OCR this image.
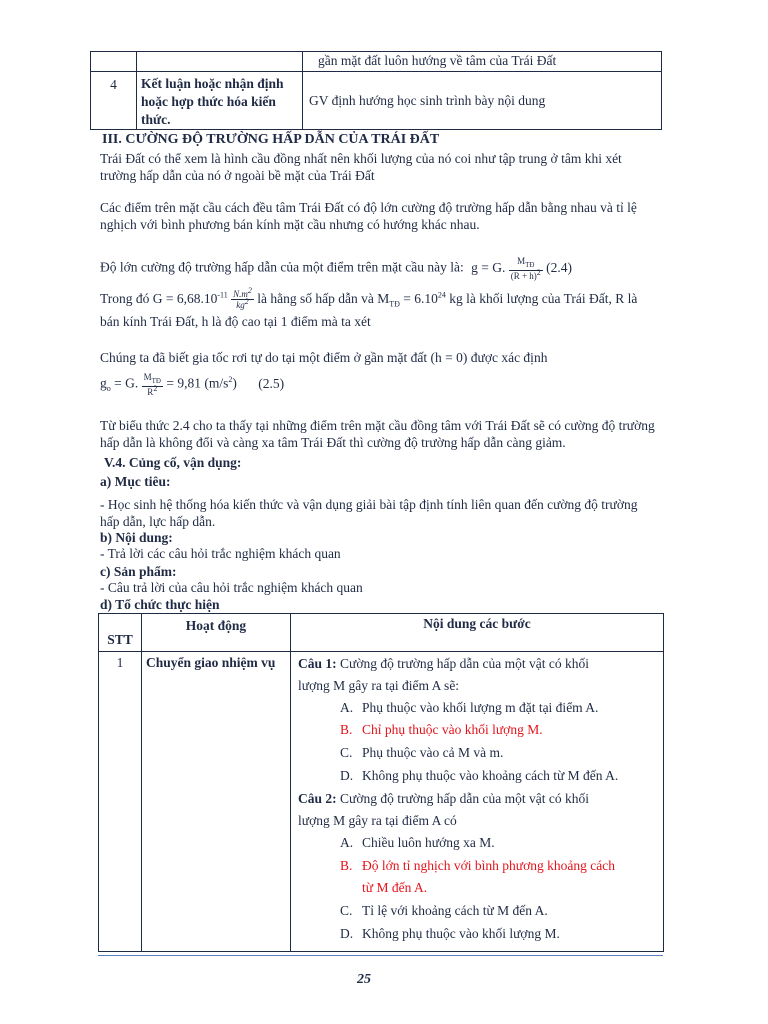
		gần mặt đất luôn hướng về tâm của Trái Đất
4	Kết luận hoặc nhận định
hoặc hợp thức hóa kiến
thức.	GV định hướng học sinh trình bày nội dung
III. CƯỜNG ĐỘ TRƯỜNG HẤP DẪN CỦA TRÁI ĐẤT
Trái Đất có thể xem là hình cầu đồng nhất nên khối lượng của nó coi như tập trung ở tâm khi xét
trường hấp dẫn của nó ở ngoài bề mặt của Trái Đất
Các điểm trên mặt cầu cách đều tâm Trái Đất có độ lớn cường độ trường hấp dẫn bằng nhau và tỉ lệ
nghịch với bình phương bán kính mặt cầu nhưng có hướng khác nhau.
Độ lớn cường độ trường hấp dẫn của một điểm trên mặt cầu này là: g = G. $\frac{M_{TĐ}}{(R + h)^2} (2.4)$
Trong đó $G = 6,68.10^{-11} \frac{N.m^2}{kg^2}$ là hằng số hấp dẫn và $M_{TĐ} = 6.10^{24}$ kg là khối lượng của Trái Đất, R là
bán kính Trái Đất, h là độ cao tại 1 điểm mà ta xét
Chúng ta đã biết gia tốc rơi tự do tại một điểm ở gần mặt đất (h = 0) được xác định
$g_o = G$. $\frac{M_{TĐ}}{R^2} = 9,81$ $(m/s^2)$ (2.5)
Từ biểu thức 2.4 cho ta thấy tại những điểm trên mặt cầu đồng tâm với Trái Đất sẽ có cường độ trường
hấp dẫn là không đổi và càng xa tâm Trái Đất thì cường độ trường hấp dẫn càng giảm.
V.4. Củng cố, vận dụng:
a) Mục tiêu:
- Học sinh hệ thống hóa kiến thức và vận dụng giải bài tập định tính liên quan đến cường độ trường
hấp dẫn, lực hấp dẫn.
b) Nội dung:
- Trả lời các câu hỏi trắc nghiệm khách quan
c) Sản phẩm:
- Câu trả lời của câu hỏi trắc nghiệm khách quan
d) Tổ chức thực hiện
STT	Hoạt động	Nội dung các bước
1	Chuyển giao nhiệm vụ	Câu 1: Cường độ trường hấp dẫn của một vật có khối
lượng M gây ra tại điểm A sẽ:
A. Phụ thuộc vào khối lượng m đặt tại điểm A.
B. Chỉ phụ thuộc vào khối lượng M.
C. Phụ thuộc vào cả M và m.
D. Không phụ thuộc vào khoảng cách từ M đến A.
Câu 2: Cường độ trường hấp dẫn của một vật có khối
lượng M gây ra tại điểm A có
A. Chiều luôn hướng xa M.
B. Độ lớn tỉ nghịch với bình phương khoảng cách
từ M đến A.
C. Tỉ lệ với khoảng cách từ M đến A.
D. Không phụ thuộc vào khối lượng M.
25
